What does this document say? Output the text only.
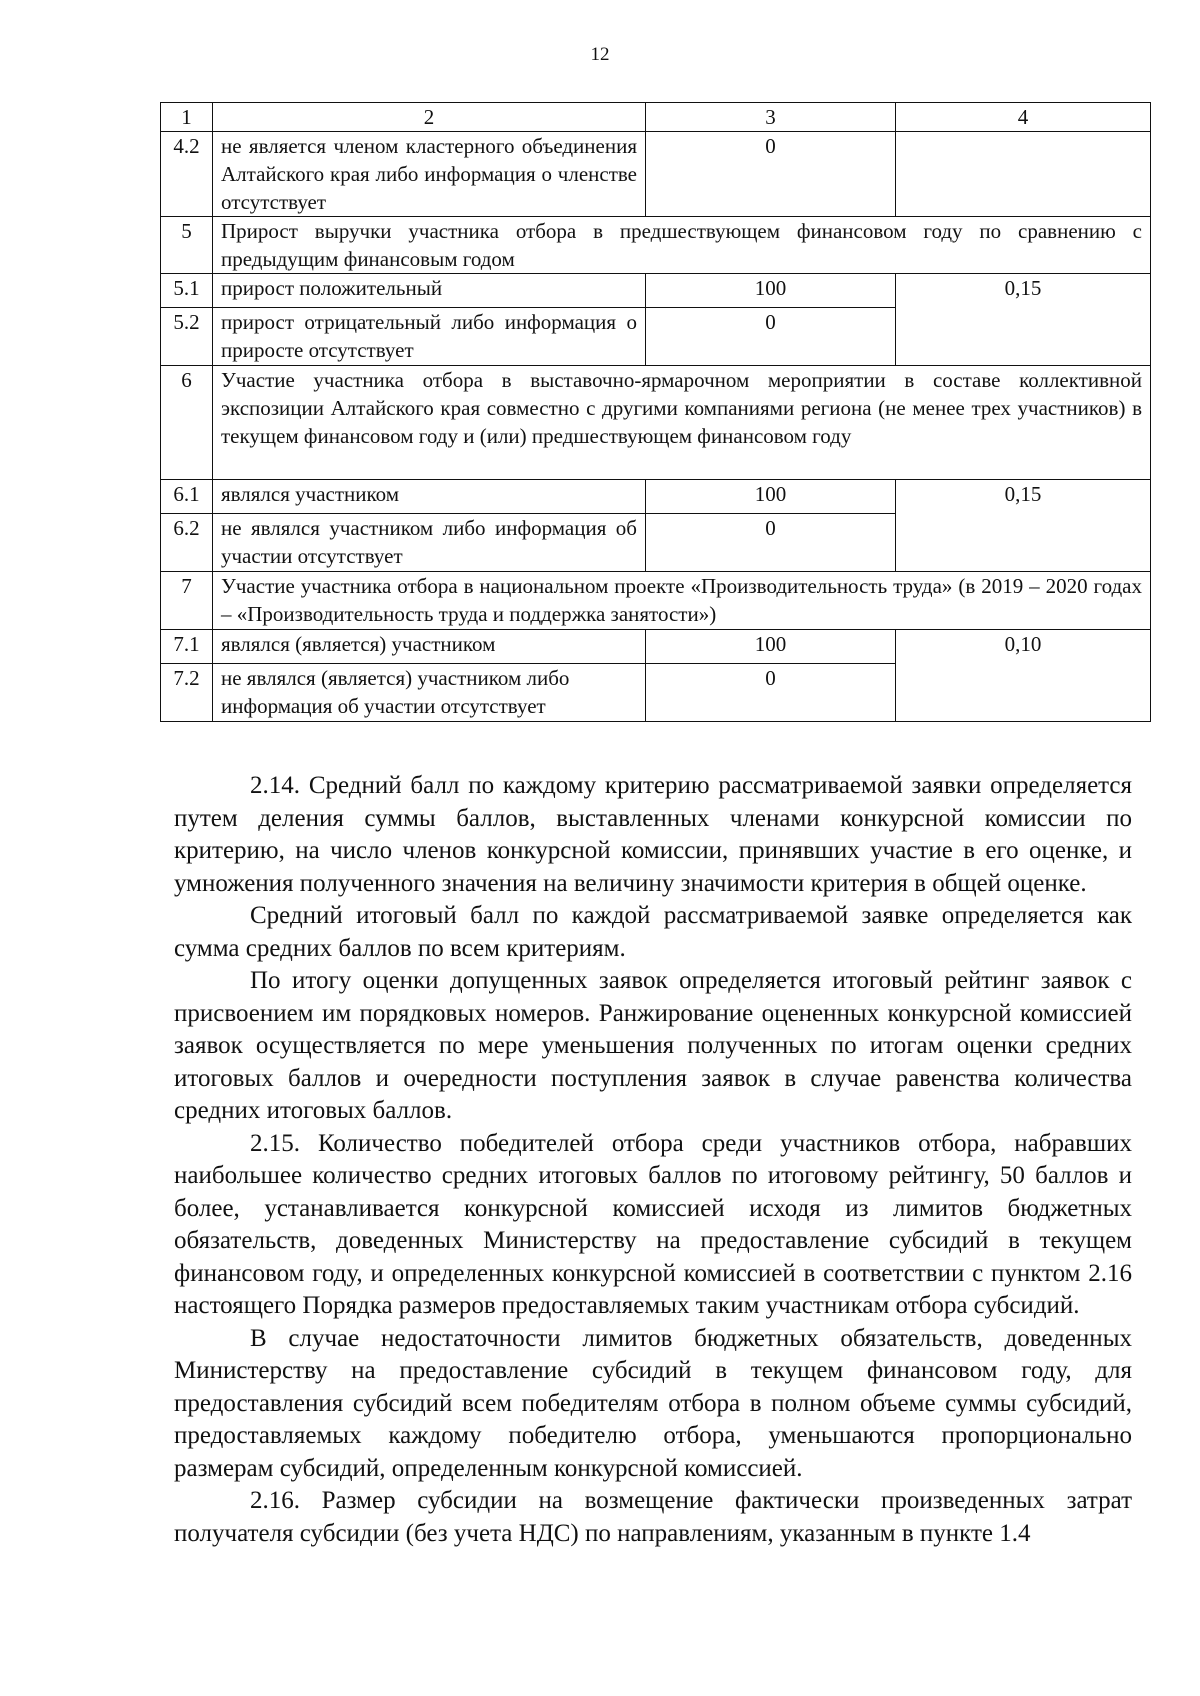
12
1	2	3	4
4.2	не является членом кластерного объединения Алтайского края либо информация о членстве отсутствует	0	
5	Прирост выручки участника отбора в предшествующем финансовом году по сравнению с предыдущим финансовым годом		
5.1	прирост положительный	100	0,15
5.2	прирост отрицательный либо информация о приросте отсутствует	0	
6	Участие участника отбора в выставочно-ярмарочном мероприятии в составе коллективной экспозиции Алтайского края совместно с другими компаниями региона (не менее трех участников) в текущем финансовом году и (или) предшествующем финансовом году		
6.1	являлся участником	100	0,15
6.2	не являлся участником либо информация об участии отсутствует	0	
7	Участие участника отбора в национальном проекте «Производительность труда» (в 2019 – 2020 годах – «Производительность труда и поддержка занятости»)		
7.1	являлся (является) участником	100	0,10
7.2	не являлся (является) участником либо информация об участии отсутствует	0	

2.14. Средний балл по каждому критерию рассматриваемой заявки определяется путем деления суммы баллов, выставленных членами конкурсной комиссии по критерию, на число членов конкурсной комиссии, принявших участие в его оценке, и умножения полученного значения на величину значимости критерия в общей оценке.

Средний итоговый балл по каждой рассматриваемой заявке определяется как сумма средних баллов по всем критериям.

По итогу оценки допущенных заявок определяется итоговый рейтинг заявок с присвоением им порядковых номеров. Ранжирование оцененных конкурсной комиссией заявок осуществляется по мере уменьшения полученных по итогам оценки средних итоговых баллов и очередности поступления заявок в случае равенства количества средних итоговых баллов.

2.15. Количество победителей отбора среди участников отбора, набравших наибольшее количество средних итоговых баллов по итоговому рейтингу, 50 баллов и более, устанавливается конкурсной комиссией исходя из лимитов бюджетных обязательств, доведенных Министерству на предоставление субсидий в текущем финансовом году, и определенных конкурсной комиссией в соответствии с пунктом 2.16 настоящего Порядка размеров предоставляемых таким участникам отбора субсидий.

В случае недостаточности лимитов бюджетных обязательств, доведенных Министерству на предоставление субсидий в текущем финансовом году, для предоставления субсидий всем победителям отбора в полном объеме суммы субсидий, предоставляемых каждому победителю отбора, уменьшаются пропорционально размерам субсидий, определенным конкурсной комиссией.

2.16. Размер субсидии на возмещение фактически произведенных затрат получателя субсидии (без учета НДС) по направлениям, указанным в пункте 1.4
